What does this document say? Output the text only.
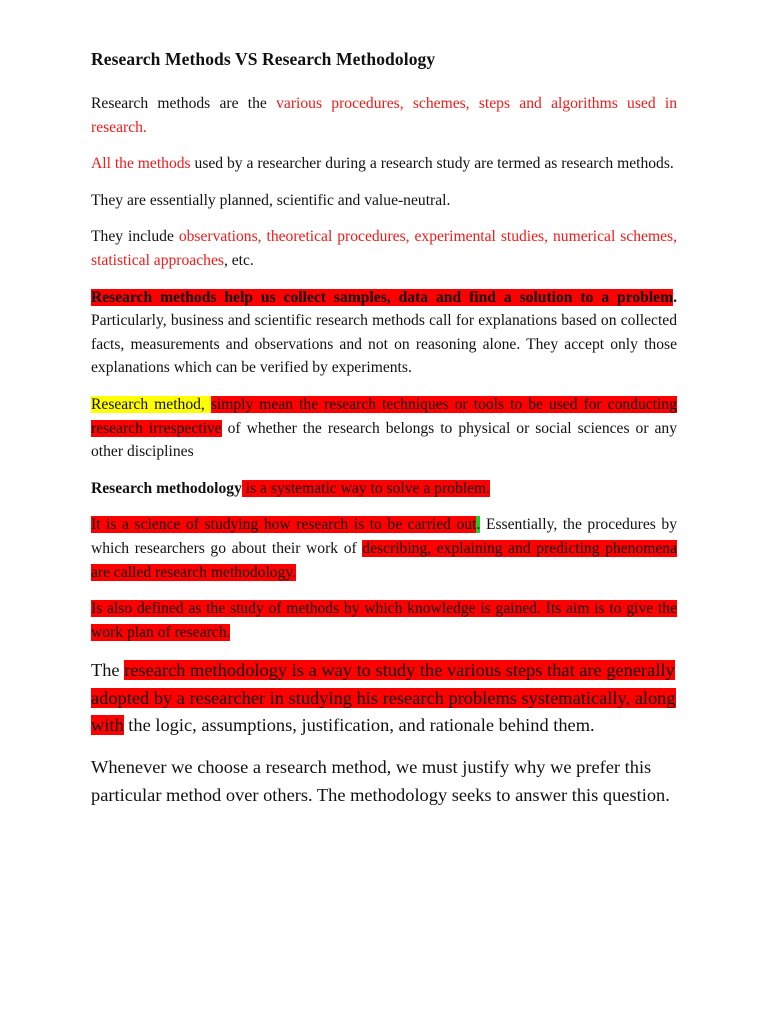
Research Methods VS Research Methodology

Research methods are the various procedures, schemes, steps and algorithms used in research.

All the methods used by a researcher during a research study are termed as research methods.

They are essentially planned, scientific and value-neutral.

They include observations, theoretical procedures, experimental studies, numerical schemes, statistical approaches, etc.

Research methods help us collect samples, data and find a solution to a problem. Particularly, business and scientific research methods call for explanations based on collected facts, measurements and observations and not on reasoning alone. They accept only those explanations which can be verified by experiments.

Research method, simply mean the research techniques or tools to be used for conducting research irrespective of whether the research belongs to physical or social sciences or any other disciplines

Research methodology is a systematic way to solve a problem.

It is a science of studying how research is to be carried out. Essentially, the procedures by which researchers go about their work of describing, explaining and predicting phenomena are called research methodology.

Is also defined as the study of methods by which knowledge is gained. Its aim is to give the work plan of research.

The research methodology is a way to study the various steps that are generally adopted by a researcher in studying his research problems systematically, along with the logic, assumptions, justification, and rationale behind them.

Whenever we choose a research method, we must justify why we prefer this particular method over others. The methodology seeks to answer this question.
